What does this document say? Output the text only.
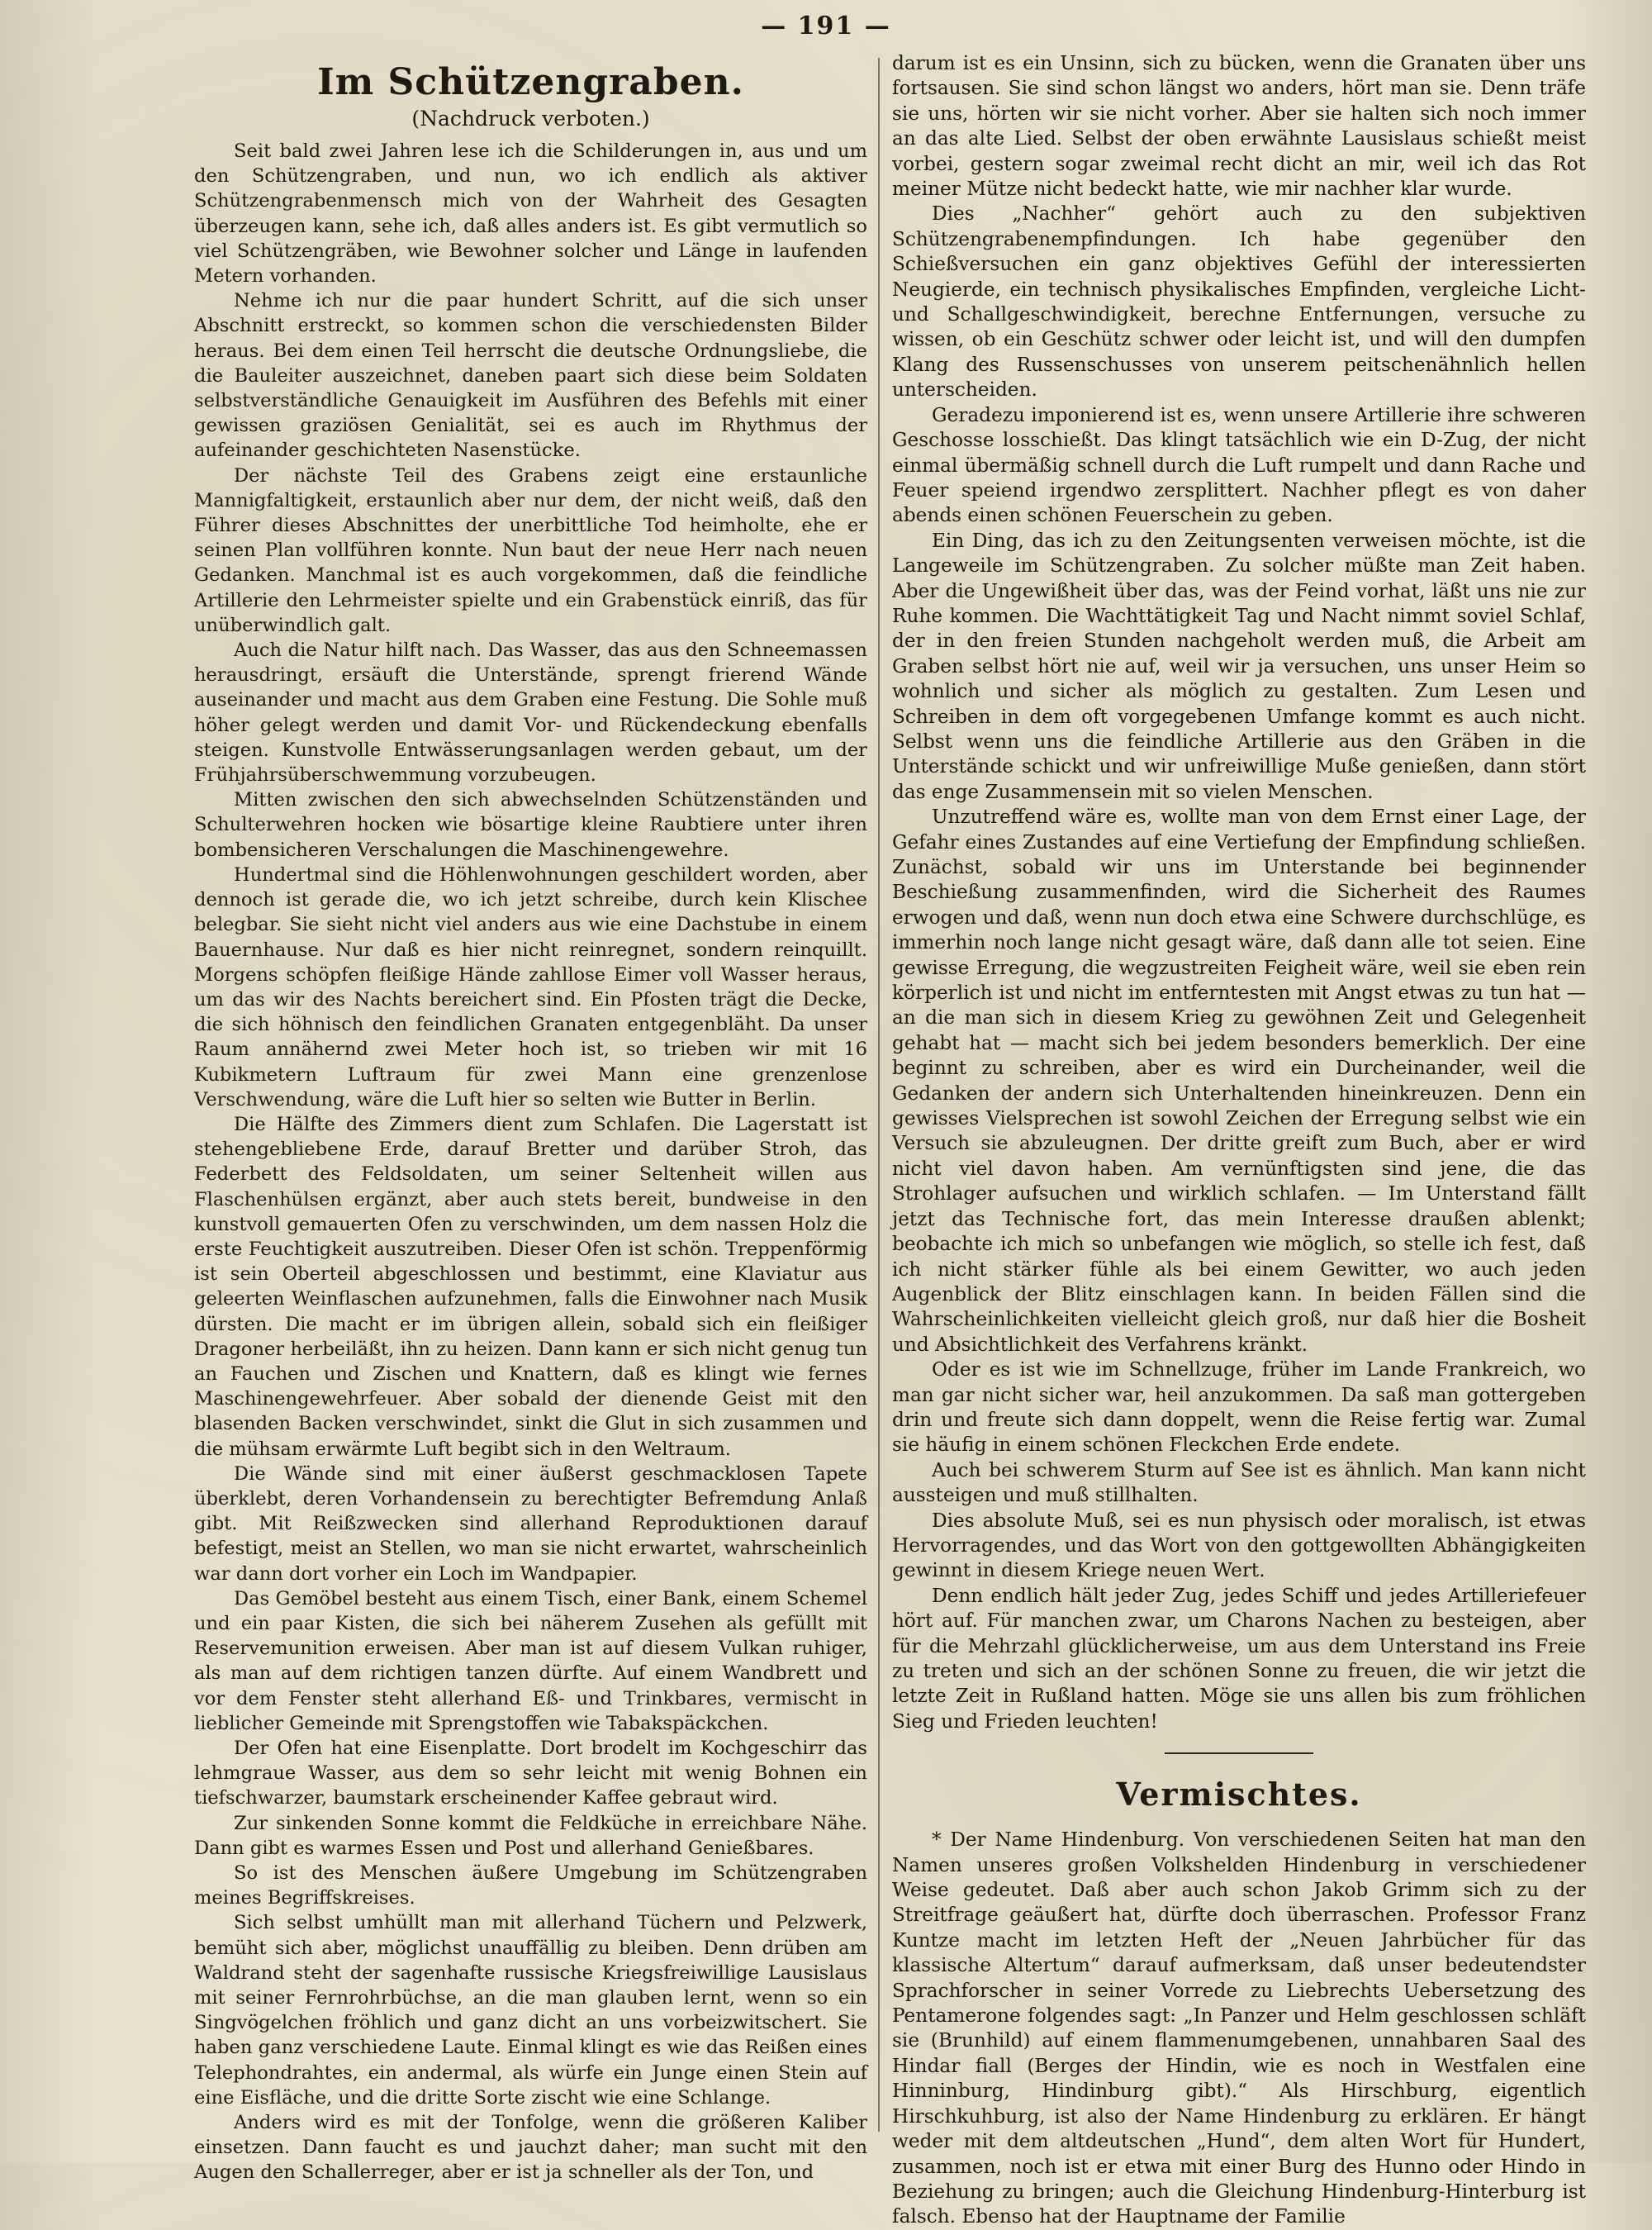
— 191 —
Im Schützengraben.
(Nachdruck verboten.)

Seit bald zwei Jahren lese ich die Schilderungen in, aus und um den Schützengraben, und nun, wo ich endlich als aktiver Schützengrabenmensch mich von der Wahrheit des Gesagten überzeugen kann, sehe ich, daß alles anders ist. Es gibt vermutlich so viel Schützengräben, wie Bewohner solcher und Länge in laufenden Metern vorhanden.

Nehme ich nur die paar hundert Schritt, auf die sich unser Abschnitt erstreckt, so kommen schon die verschiedensten Bilder heraus. Bei dem einen Teil herrscht die deutsche Ordnungsliebe, die die Bauleiter auszeichnet, daneben paart sich diese beim Soldaten selbstverständliche Genauigkeit im Ausführen des Befehls mit einer gewissen graziösen Genialität, sei es auch im Rhythmus der aufeinander geschichteten Nasenstücke.

Der nächste Teil des Grabens zeigt eine erstaunliche Mannigfaltigkeit, erstaunlich aber nur dem, der nicht weiß, daß den Führer dieses Abschnittes der unerbittliche Tod heimholte, ehe er seinen Plan vollführen konnte. Nun baut der neue Herr nach neuen Gedanken. Manchmal ist es auch vorgekommen, daß die feindliche Artillerie den Lehrmeister spielte und ein Grabenstück einriß, das für unüberwindlich galt.

Auch die Natur hilft nach. Das Wasser, das aus den Schneemassen herausdringt, ersäuft die Unterstände, sprengt frierend Wände auseinander und macht aus dem Graben eine Festung. Die Sohle muß höher gelegt werden und damit Vor- und Rückendeckung ebenfalls steigen. Kunstvolle Entwässerungsanlagen werden gebaut, um der Frühjahrsüberschwemmung vorzubeugen.

Mitten zwischen den sich abwechselnden Schützenständen und Schulterwehren hocken wie bösartige kleine Raubtiere unter ihren bombensicheren Verschalungen die Maschinengewehre.

Hundertmal sind die Höhlenwohnungen geschildert worden, aber dennoch ist gerade die, wo ich jetzt schreibe, durch kein Klischee belegbar. Sie sieht nicht viel anders aus wie eine Dachstube in einem Bauernhause. Nur daß es hier nicht reinregnet, sondern reinquillt. Morgens schöpfen fleißige Hände zahllose Eimer voll Wasser heraus, um das wir des Nachts bereichert sind. Ein Pfosten trägt die Decke, die sich höhnisch den feindlichen Granaten entgegenbläht. Da unser Raum annähernd zwei Meter hoch ist, so trieben wir mit 16 Kubikmetern Luftraum für zwei Mann eine grenzenlose Verschwendung, wäre die Luft hier so selten wie Butter in Berlin.

Die Hälfte des Zimmers dient zum Schlafen. Die Lagerstatt ist stehengebliebene Erde, darauf Bretter und darüber Stroh, das Federbett des Feldsoldaten, um seiner Seltenheit willen aus Flaschenhülsen ergänzt, aber auch stets bereit, bundweise in den kunstvoll gemauerten Ofen zu verschwinden, um dem nassen Holz die erste Feuchtigkeit auszutreiben. Dieser Ofen ist schön. Treppenförmig ist sein Oberteil abgeschlossen und bestimmt, eine Klaviatur aus geleerten Weinflaschen aufzunehmen, falls die Einwohner nach Musik dürsten. Die macht er im übrigen allein, sobald sich ein fleißiger Dragoner herbeiläßt, ihn zu heizen. Dann kann er sich nicht genug tun an Fauchen und Zischen und Knattern, daß es klingt wie fernes Maschinengewehrfeuer. Aber sobald der dienende Geist mit den blasenden Backen verschwindet, sinkt die Glut in sich zusammen und die mühsam erwärmte Luft begibt sich in den Weltraum.

Die Wände sind mit einer äußerst geschmacklosen Tapete überklebt, deren Vorhandensein zu berechtigter Befremdung Anlaß gibt. Mit Reißzwecken sind allerhand Reproduktionen darauf befestigt, meist an Stellen, wo man sie nicht erwartet, wahrscheinlich war dann dort vorher ein Loch im Wandpapier.

Das Gemöbel besteht aus einem Tisch, einer Bank, einem Schemel und ein paar Kisten, die sich bei näherem Zusehen als gefüllt mit Reservemunition erweisen. Aber man ist auf diesem Vulkan ruhiger, als man auf dem richtigen tanzen dürfte. Auf einem Wandbrett und vor dem Fenster steht allerhand Eß- und Trinkbares, vermischt in lieblicher Gemeinde mit Sprengstoffen wie Tabakspäckchen.

Der Ofen hat eine Eisenplatte. Dort brodelt im Kochgeschirr das lehmgraue Wasser, aus dem so sehr leicht mit wenig Bohnen ein tiefschwarzer, baumstark erscheinender Kaffee gebraut wird.

Zur sinkenden Sonne kommt die Feldküche in erreichbare Nähe. Dann gibt es warmes Essen und Post und allerhand Genießbares.

So ist des Menschen äußere Umgebung im Schützengraben meines Begriffskreises.

Sich selbst umhüllt man mit allerhand Tüchern und Pelzwerk, bemüht sich aber, möglichst unauffällig zu bleiben. Denn drüben am Waldrand steht der sagenhafte russische Kriegsfreiwillige Lausislaus mit seiner Fernrohrbüchse, an die man glauben lernt, wenn so ein Singvögelchen fröhlich und ganz dicht an uns vorbeizwitschert. Sie haben ganz verschiedene Laute. Einmal klingt es wie das Reißen eines Telephondrahtes, ein andermal, als würfe ein Junge einen Stein auf eine Eisfläche, und die dritte Sorte zischt wie eine Schlange.

Anders wird es mit der Tonfolge, wenn die größeren Kaliber einsetzen. Dann faucht es und jauchzt daher; man sucht mit den Augen den Schallerreger, aber er ist ja schneller als der Ton, und

darum ist es ein Unsinn, sich zu bücken, wenn die Granaten über uns fortsausen. Sie sind schon längst wo anders, hört man sie. Denn träfe sie uns, hörten wir sie nicht vorher. Aber sie halten sich noch immer an das alte Lied. Selbst der oben erwähnte Lausislaus schießt meist vorbei, gestern sogar zweimal recht dicht an mir, weil ich das Rot meiner Mütze nicht bedeckt hatte, wie mir nachher klar wurde.

Dies „Nachher“ gehört auch zu den subjektiven Schützengrabenempfindungen. Ich habe gegenüber den Schießversuchen ein ganz objektives Gefühl der interessierten Neugierde, ein technisch physikalisches Empfinden, vergleiche Licht- und Schallgeschwindigkeit, berechne Entfernungen, versuche zu wissen, ob ein Geschütz schwer oder leicht ist, und will den dumpfen Klang des Russenschusses von unserem peitschenähnlich hellen unterscheiden.

Geradezu imponierend ist es, wenn unsere Artillerie ihre schweren Geschosse losschießt. Das klingt tatsächlich wie ein D-Zug, der nicht einmal übermäßig schnell durch die Luft rumpelt und dann Rache und Feuer speiend irgendwo zersplittert. Nachher pflegt es von daher abends einen schönen Feuerschein zu geben.

Ein Ding, das ich zu den Zeitungsenten verweisen möchte, ist die Langeweile im Schützengraben. Zu solcher müßte man Zeit haben. Aber die Ungewißheit über das, was der Feind vorhat, läßt uns nie zur Ruhe kommen. Die Wachttätigkeit Tag und Nacht nimmt soviel Schlaf, der in den freien Stunden nachgeholt werden muß, die Arbeit am Graben selbst hört nie auf, weil wir ja versuchen, uns unser Heim so wohnlich und sicher als möglich zu gestalten. Zum Lesen und Schreiben in dem oft vorgegebenen Umfange kommt es auch nicht. Selbst wenn uns die feindliche Artillerie aus den Gräben in die Unterstände schickt und wir unfreiwillige Muße genießen, dann stört das enge Zusammensein mit so vielen Menschen.

Unzutreffend wäre es, wollte man von dem Ernst einer Lage, der Gefahr eines Zustandes auf eine Vertiefung der Empfindung schließen. Zunächst, sobald wir uns im Unterstande bei beginnender Beschießung zusammenfinden, wird die Sicherheit des Raumes erwogen und daß, wenn nun doch etwa eine Schwere durchschlüge, es immerhin noch lange nicht gesagt wäre, daß dann alle tot seien. Eine gewisse Erregung, die wegzustreiten Feigheit wäre, weil sie eben rein körperlich ist und nicht im entferntesten mit Angst etwas zu tun hat — an die man sich in diesem Krieg zu gewöhnen Zeit und Gelegenheit gehabt hat — macht sich bei jedem besonders bemerklich. Der eine beginnt zu schreiben, aber es wird ein Durcheinander, weil die Gedanken der andern sich Unterhaltenden hineinkreuzen. Denn ein gewisses Vielsprechen ist sowohl Zeichen der Erregung selbst wie ein Versuch sie abzuleugnen. Der dritte greift zum Buch, aber er wird nicht viel davon haben. Am vernünftigsten sind jene, die das Strohlager aufsuchen und wirklich schlafen. — Im Unterstand fällt jetzt das Technische fort, das mein Interesse draußen ablenkt; beobachte ich mich so unbefangen wie möglich, so stelle ich fest, daß ich nicht stärker fühle als bei einem Gewitter, wo auch jeden Augenblick der Blitz einschlagen kann. In beiden Fällen sind die Wahrscheinlichkeiten vielleicht gleich groß, nur daß hier die Bosheit und Absichtlichkeit des Verfahrens kränkt.

Oder es ist wie im Schnellzuge, früher im Lande Frankreich, wo man gar nicht sicher war, heil anzukommen. Da saß man gottergeben drin und freute sich dann doppelt, wenn die Reise fertig war. Zumal sie häufig in einem schönen Fleckchen Erde endete.

Auch bei schwerem Sturm auf See ist es ähnlich. Man kann nicht aussteigen und muß stillhalten.

Dies absolute Muß, sei es nun physisch oder moralisch, ist etwas Hervorragendes, und das Wort von den gottgewollten Abhängigkeiten gewinnt in diesem Kriege neuen Wert.

Denn endlich hält jeder Zug, jedes Schiff und jedes Artilleriefeuer hört auf. Für manchen zwar, um Charons Nachen zu besteigen, aber für die Mehrzahl glücklicherweise, um aus dem Unterstand ins Freie zu treten und sich an der schönen Sonne zu freuen, die wir jetzt die letzte Zeit in Rußland hatten. Möge sie uns allen bis zum fröhlichen Sieg und Frieden leuchten!

Vermischtes.

* Der Name Hindenburg. Von verschiedenen Seiten hat man den Namen unseres großen Volkshelden Hindenburg in verschiedener Weise gedeutet. Daß aber auch schon Jakob Grimm sich zu der Streitfrage geäußert hat, dürfte doch überraschen. Professor Franz Kuntze macht im letzten Heft der „Neuen Jahrbücher für das klassische Altertum“ darauf aufmerksam, daß unser bedeutendster Sprachforscher in seiner Vorrede zu Liebrechts Uebersetzung des Pentamerone folgendes sagt: „In Panzer und Helm geschlossen schläft sie (Brunhild) auf einem flammenumgebenen, unnahbaren Saal des Hindar fiall (Berges der Hindin, wie es noch in Westfalen eine Hinninburg, Hindinburg gibt).“ Als Hirschburg, eigentlich Hirschkuhburg, ist also der Name Hindenburg zu erklären. Er hängt weder mit dem altdeutschen „Hund“, dem alten Wort für Hundert, zusammen, noch ist er etwa mit einer Burg des Hunno oder Hindo in Beziehung zu bringen; auch die Gleichung Hindenburg-Hinterburg ist falsch. Ebenso hat der Hauptname der Familie
